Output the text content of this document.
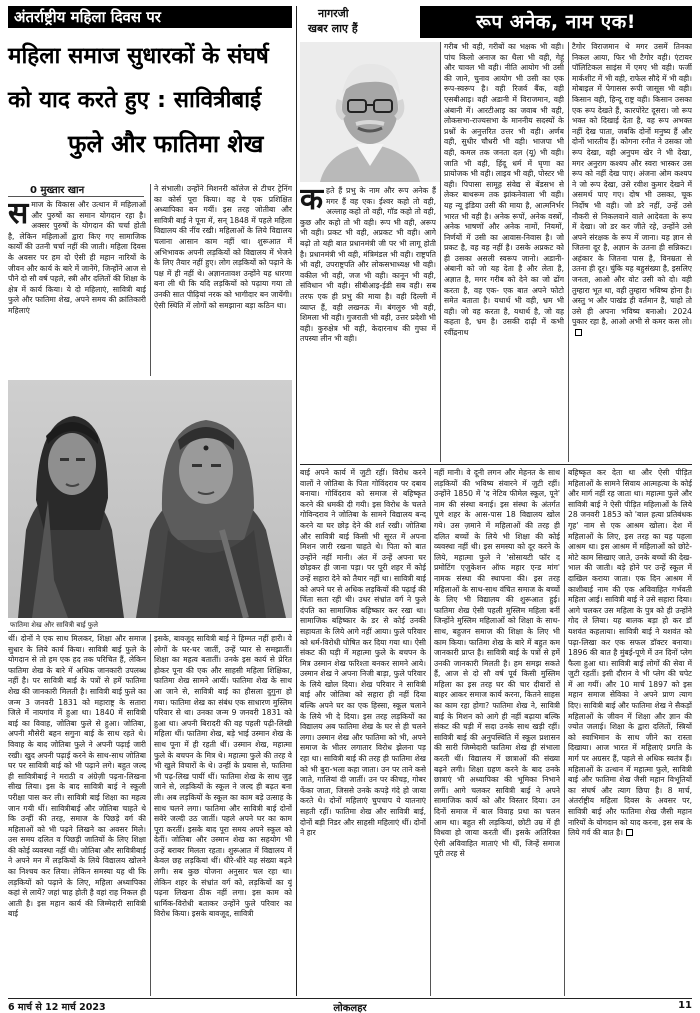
अंतर्राष्ट्रीय महिला दिवस पर
महिला समाज सुधारकों के संघर्ष
को याद करते हुए : सावित्रीबाई
फुले और फातिमा शेख
0 मुख्तार खान
स माज के विकास और उत्थान में महिलाओं और पुरुषों का समान योगदान रहा है। अक्सर पुरुषों के योगदान की चर्चा होती है, लेकिन महिलाओं द्वारा किए गए सामाजिक कार्यों की उतनी चर्चा नहीं की जाती। महिला दिवस के अवसर पर हम दो ऐसी ही महान नारियों के जीवन और कार्य के बारे में जानेंगे, जिन्होंने आज से पौने दो सौ वर्ष पहले, स्त्री और दलितों की शिक्षा के क्षेत्र में कार्य किया। ये दो महिलाएं, सावित्री बाई फुले और फातिमा शेख, अपने समय की क्रांतिकारी महिलाएं
ने संभाली। उन्होंने मिशनरी कॉलेज से टीचर ट्रेनिंग का कोर्स पूरा किया। वह ये एक प्रशिक्षित अध्यापिका बन गयीं। इस तरह जोतीबा और सावित्री बाई ने पूना में, सन् 1848 में पहले महिला विद्यालय की नींव रखी। महिलाओं के लिये विद्यालय चलाना आसान काम नहीं था। शुरूआत में अभिभावक अपनी लड़कियों को विद्यालय में भेजने के लिए तैयार नहीं हुए। लोग लड़कियों को पढ़ाने के पक्ष में ही नहीं थे। अज्ञानतावश उन्होंने यह धारणा बना ली थी कि यदि लड़कियों को पढ़ाया गया तो उनकी सात पीढ़ियां नरक को भागीदार बन जायेंगी। ऐसी स्थिति में लोगों को समझाना बड़ा कठिन था।
फातिमा शेख और सावित्री बाई फुले
थीं। दोनों ने एक साथ मिलकर, शिक्षा और समाज सुधार के लिये कार्य किया। सावित्री बाई फुले के योगदान से तो हम एक हद तक परिचित हैं, लेकिन फातिमा शेख के बारे में अधिक जानकारी उपलब्ध नहीं है। पर सावित्री बाई के पत्रों से हमें फातिमा शेख की जानकारी मिलती है। सावित्री बाई फुले का जन्म 3 जनवरी 1831 को महाराष्ट्र के सतारा जिले में नायगांव में हुआ था। 1840 में सावित्री बाई का विवाह, जोतिबा फुले से हुआ। जोतिबा, अपनी मौसेरी बहन सगुना बाई के साथ रहते थे। विवाह के बाद जोतिबा फुले ने अपनी पढ़ाई जारी रखी। खुद अपनी पढ़ाई करने के साथ-साथ जोतिबा घर पर सावित्री बाई को भी पढ़ाने लगे। बहुत जल्द ही सावित्रीबाई ने मराठी व अंग्रेज़ी पढ़ना-लिखना सीख लिया। इस के बाद सावित्री बाई ने स्कूली परीक्षा पास कर ली। सावित्री बाई शिक्षा का महत्व जान गयी थीं। सावित्रीबाई और जोतिबा चाहते थे कि उन्हीं की तरह, समाज के पिछड़े वर्ग की महिलाओं को भी पढ़ने लिखने का अवसर मिले। उस समय दलित व पिछड़ी जातियों के लिए शिक्षा की कोई व्यवस्था नहीं थी। जोतिबा और सावित्रीबाई ने अपने मन में लड़कियों के लिये विद्यालय खोलने का निश्चय कर लिया। लेकिन समस्या यह थी कि लड़कियों को पढ़ाने के लिए, महिला अध्यापिका कहां से लायें? जहां चाह होती है वहां राह निकल ही आती है। इस महान कार्य की जिम्मेदारी सावित्री बाई
इसके, बावजूद सावित्री बाई ने हिम्मत नहीं हारी। वे लोगों के घर-घर जातीं, उन्हें प्यार से समझातीं। शिक्षा का महत्व बतातीं। उनके इस कार्य से प्रेरित होकर पूना की एक और साहसी महिला शिक्षिका, फातिमा शेख सामने आयीं। फातिमा शेख के साथ आ जाने से, सावित्री बाई का हौसला दुगुना हो गया। फातिमा शेख का संबंध एक साधारण मुस्लिम परिवार से था। उनका जन्म 9 जनवरी 1831 को हुआ था। अपनी बिरादरी की वह पहली पढ़ी-लिखी महिला थीं। फातिमा शेख, बड़े भाई उस्मान शेख के साथ पूना में ही रहती थीं। उस्मान शेख, महात्मा फुले के बचपन के मित्र थे। महात्मा फुले की तरह वे भी खुले विचारों के थे। उन्हीं के प्रयास से, फातिमा भी पढ़-लिख पायीं थीं। फातिमा शेख के साथ जुड़ जाने से, लड़कियों के स्कूल ने जल्द ही बढ़त बना ली। अब लड़कियों के स्कूल का काम बड़े उत्साह के साथ चलने लगा। फातिमा और सावित्री बाई दोनों सवेरे जल्दी उठ जातीं। पहले अपने घर का काम पूरा करतीं। इसके बाद पूरा समय अपने स्कूल को देतीं। जोतिबा और उस्मान शेख का सहयोग भी उन्हें बराबर मिलता रहता। शुरूआत में विद्यालय में केवल छह लड़कियां थीं। धीरे-धीरे यह संख्या बढ़ने लगी। सब कुछ योजना अनुसार चल रहा था। लेकिन शहर के संभ्रांत वर्ग को, लड़कियों का यूं पढ़ना लिखना ठीक नहीं लगा। इस काम को धार्मिक-विरोधी बताकर उन्होंने फुले परिवार का विरोध किया। इसके बावजूद, सावित्री
नागरजी
खबर लाए हैं	रूप अनेक, नाम एक!
क हते हैं प्रभु के नाम और रूप अनेक हैं मगर हैं वह एक। ईश्वर कहो तो वही, अल्लाह कहो तो वही, गॉड कहो तो वही, कुछ और कहो तो भी वही। रूप भी वही, अरूप भी वही। प्रकट भी वही, अप्रकट भी वही। आगे बढ़ो तो यही बात प्रधानमंत्री जी पर भी लागू होती है। प्रधानमंत्री भी वही, मंत्रिमंडल भी वही। राष्ट्रपति भी वही, उपराष्ट्रपति और लोकसभाध्यक्ष भी वही। वकील भी वही, जज भी वही। कानून भी वही, संविधान भी वही। सीबीआइ-ईडी सब वही। सब तरफ एक ही प्रभु की माया है। वही दिल्ली में व्याप्त हैं, वही लखनऊ में। बंगलुरु भी वही, शिमला भी वही। गुजराती भी वही, उत्तर प्रदेशी भी वही। कुरुक्षेत्र भी वही, केदारनाथ की गुफा में तपस्या लीन भी वही।
गरीब भी वही, गरीबों का भक्षक भी वही। पांच किलो अनाज का थैला भी वही, गेहूं और चावल भी वही। नीति आयोग भी उसी की जाने, चुनाव आयोग भी उसी का एक रूप-स्वरूप है। वही रिजर्व बैंक, वही एसबीआइ। वही अडानी में विराजमान, वही अंबानी में। आरटीआइ का जवाब भी वही, लोकसभा-राज्यसभा के माननीय सदस्यों के प्रश्नों के अनुत्तरित उत्तर भी वही। अर्णब वही, सुधीर चौधरी भी वही। भाजपा भी वही, कमल तक जनता दल (यू) भी वही। जाति भी वही, हिंदू धर्म में घृणा का प्रायोजक भी वही। लाइव भी वही, पोस्टर भी वही। पिपासा सामूह संवेद्य से बेंडसभ से लेकर बाथरूम तक झांकनेवाला भी वही। यह न्यू इंडिया उसी की माया है, आत्मनिर्भर भारत भी वही है। अनेक रूपों, अनेक वस्त्रों, अनेक भाषणों और अनेक नामों, नियमों, निर्णयों में उसी का आवास-निवास है। जो प्रकट है, वह वह नहीं है। उसके अप्रकट को ही उसका असली स्वरूप जानो। अडानी-अंबानी को जो यह देता है और लेता है, अज्ञात है, मगर गरीब को देने का जो ढोंग करता है, वह एक- एक बात अपने फोटो समेत बताता है। यथार्थ भी वही, भ्रम भी वही। जो वह करता है, यथार्थ है, जो वह कहता है, भ्रम है। उसकी दाढ़ी में कभी रवींद्रनाथ
टैगोर विराजमान थे मगर उसमें तिनका निकल आया, फिर भी टैगोर वही। एंटायर पॉलिटिकल साइंस में एमए भी वही। फर्जी मार्कशीट में भी वही, राफेल सौदे में भी वही। मोबाइल में पेगासस रूपी जासूस भी वही। किसान वही, हिन्दू राष्ट्र वही। किसान उसका एक रूप देखते हैं, कारपोरेट दूसरा। जो रूप भक्त को दिखाई देता है, वह रूप अभक्त नहीं देख पाता, जबकि दोनों मनुष्य हैं और दोनों भारतीय हैं। कोगना रनौत ने उसका जो रूप देखा, वही अनुपम खेर ने भी देखा, मगर अनुराग कश्यप और स्वरा भास्कर उस रूप को नहीं देख पाए। अंजना ओम कश्यप ने जो रूप देखा, उसे रवीश कुमार देखने में असमर्थ पाए गए। दोष भी उसका, चूक निर्दोष भी वही। जो डरे नहीं, उन्हें उसे नौकरी से निकलवाने वाले आदेवता के रूप में देखा। जो डर कर जीते रहे, उन्होंने उसे अपने संरक्षक के रूप में जाना। यह ज्ञान से जितना दूर है, अज्ञान के उतना ही सन्निकट। अहंकार के जितना पास है, विनम्रता से उतना ही दूर। चुंकि यह बहुसंख्या है, इसलिए जनता, आओ और वोट उसी को दो। वही तुम्हारा भूत था, वही तुम्हारा भविष्य होना है। अस्तु भ और पाखंड ही वर्तमान है, चाहो तो उसे ही अपना भविष्य बनाओ। 2024 पुकार रहा है, आओ अभी से कमर कस लो।
बाई अपने कार्य में जुटी रहीं। विरोध करने वालों ने जोतिबा के पिता गोविंदराव पर दबाव बनाया। गोविंदराव को समाज से बहिष्कृत करने की धमकी दी गयी। इस विरोध के चलते गोविन्दराव ने जोतिबा के सामने विद्यालय बन्द करने या घर छोड़ देने की शर्त रखी। जोतिबा और सावित्री बाई किसी भी सूरत में अपना मिशन जारी रखना चाहते थे। पिता को बात उन्होंने नहीं मानी। अंत में उन्हें अपना घर छोड़कर ही जाना पड़ा। पर पूरी शहर में कोई उन्हें सहारा देने को तैयार नहीं था। सावित्री बाई को अपने घर से अधिक लड़कियों की पढ़ाई की चिंता सता रही थी। उधर संभ्रांत वर्ग ने फुले दंपति का सामाजिक बहिष्कार कर रखा था। सामाजिक बहिष्कार के डर से कोई उनकी सहायता के लिये आगे नहीं आया। फुले परिवार को धर्म-विरोधी घोषित कर दिया गया था। ऐसी संकट की घड़ी में महात्मा फुले के बचपन के मित्र उस्मान शेख फरिश्ता बनकर सामने आये। उस्मान शेख ने अपना निजी बाड़ा, फुले परिवार के लिये खोल दिया। शेख परिवार ने सावित्री बाई और जोतिबा को सहारा ही नहीं दिया बल्कि अपने घर का एक हिस्सा, स्कूल चलाने के लिये भी दे दिया। इस तरह लड़कियों का विद्यालय अब फातिमा शेख के घर से ही चलने लगा। उस्मान शेख और फातिमा को भी, अपने समाज के भीतर लगातार विरोध झेलना पड़ रहा था। सावित्री बाई की तरह ही फातिमा शेख को भी बुरा-भला कहा जाता। उन पर ताने कसे जाते, गालियां दी जातीं। उन पर कीचड़, गोबर फेंका जाता, जिससे उनके कपड़े गंदे हो जाया करते थे। दोनों महिलाएं चुपचाप ये यातनाएं सहती रहीं। फातिमा शेख और सावित्री बाई, दोनों बड़ी निडर और साहसी महिलाएं थीं। दोनों ने हार
नहीं मानी। वे दूनी लगन और मेहनत के साथ लड़कियों की भविष्य संवारने में जुटी रहीं। उन्होंने 1850 में 'द नेटिव फीमेल स्कूल, पूने' नाम की संस्था बनाई। इस संस्था के अंतर्गत पूणे शहर के आस-पास 18 विद्यालय खोल गये। उस ज़माने में महिलाओं की तरह ही दलित बच्चों के लिये भी शिक्षा की कोई व्यवस्था नहीं थी। इस समस्या को दूर करने के लिये, महात्मा फुले ने 'सोसायटी फॉर द प्रमोटिंग एजुकेशन ऑफ महार एन्ड मांग' नामक संस्था की स्थापना की। इस तरह महिलाओं के साथ-साथ वंचित समाज के बच्चों के लिए भी विद्यालय की शुरूआत हुई। फातिमा शेख ऐसी पहली मुस्लिम महिला बनीं जिन्होंने मुस्लिम महिलाओं को शिक्षा के साथ-साथ, बहुजन समाज की शिक्षा के लिए भी काम किया। फातिमा शेख के बारे में बहुत कम जानकारी प्राप्त है। सावित्री बाई के पत्रों से हमें उनकी जानकारी मिलती है। हम समझ सकते हैं, आज से दो सौ वर्ष पूर्व किसी मुस्लिम महिला का इस तरह घर की चार दीवारों से बाहर आकर समाज कार्य करना, कितने साहस का काम रहा होगा? फातिमा शेख ने, सावित्री बाई के मिशन को आगे ही नहीं बढ़ाया बल्कि संकट की घड़ी में सदा उनके साथ खड़ी रहीं। सावित्री बाई की अनुपस्थिति में स्कूल प्रशासन की सारी जिम्मेदारी फातिमा शेख ही संभाला करती थीं। विद्यालय में छात्राओं की संख्या बढ़ने लगी। शिक्षा ग्रहण करने के बाद उनके छात्राएं भी अध्यापिका की भूमिका निभाने लगीं। आगे चलकर सावित्री बाई ने अपने सामाजिक कार्य को और विस्तार दिया। उन दिनों समाज में बाल विवाह प्रथा का चलन आम था। बहुत सी लड़कियां, छोटी उम्र में ही विधवा हो जाया करती थीं। इसके अतिरिक्त ऐसी अविवाहित माताएं भी थीं, जिन्हें समाज पूरी तरह से
बहिष्कृत कर देता था और ऐसी पीड़ित महिलाओं के सामने सिवाय आत्महत्या के कोई और मार्ग नहीं रह जाता था। महात्मा फुले और सावित्री बाई ने ऐसी पीड़ित महिलाओं के लिये 28 जनवरी 1853 को 'बाल हत्या प्रतिबंधक गृह' नाम से एक आश्रम खोला। देश में महिलाओं के लिए, इस तरह का यह पहला आश्रम था। इस आश्रम में महिलाओं को छोटे-मोटे काम सिखाए जाते, उनके बच्चों की देख-भाल की जाती। बड़े होने पर उन्हें स्कूल में दाखिल कराया जाता। एक दिन आश्रम में काशीबाई नाम की एक अविवाहित गर्भवती महिला आई। सावित्री बाई ने उसे सहारा दिया। आगे चलकर उस महिला के पुत्र को ही उन्होंने गोद ले लिया। यह बालक बड़ा हो कर डॉ यशवंत कहलाया। सावित्री बाई ने यशवंत को पढ़ा-लिखा कर एक सफल डॉक्टर बनाया। 1896 की बात है मुंबई-पूणे में उन दिनों प्लेग फैला हुआ था। सावित्री बाई लोगों की सेवा में जुटी रहतीं। इसी दौरान वे भी प्लेग की चपेट में आ गयीं। और 10 मार्च 1897 को इस महान समाज सेविका ने अपने प्राण त्याग दिए। सावित्री बाई और फातिमा शेख ने सैकड़ों महिलाओं के जीवन में शिक्षा और ज्ञान की ज्योत जलाई। शिक्षा के द्वारा दलितों, स्त्रियों को स्वाभिमान के साथ जीने का रास्ता दिखाया। आज भारत में महिलाएं प्रगति के मार्ग पर अग्रसर हैं, पहले से अधिक स्वतंत्र हैं। महिलाओं के उत्थान में महात्मा फुले, सावित्री बाई और फातिमा शेख जैसी महान विभूतियों का संघर्ष और त्याग छिपा है। 8 मार्च, अंतर्राष्ट्रीय महिला दिवस के अवसर पर, सावित्री बाई और फातिमा शेख जैसी महान नारियों के योगदान को याद करना, इस सब के लिये गर्व की बात है।
6 मार्च से 12 मार्च 2023	लोकलहर	11
